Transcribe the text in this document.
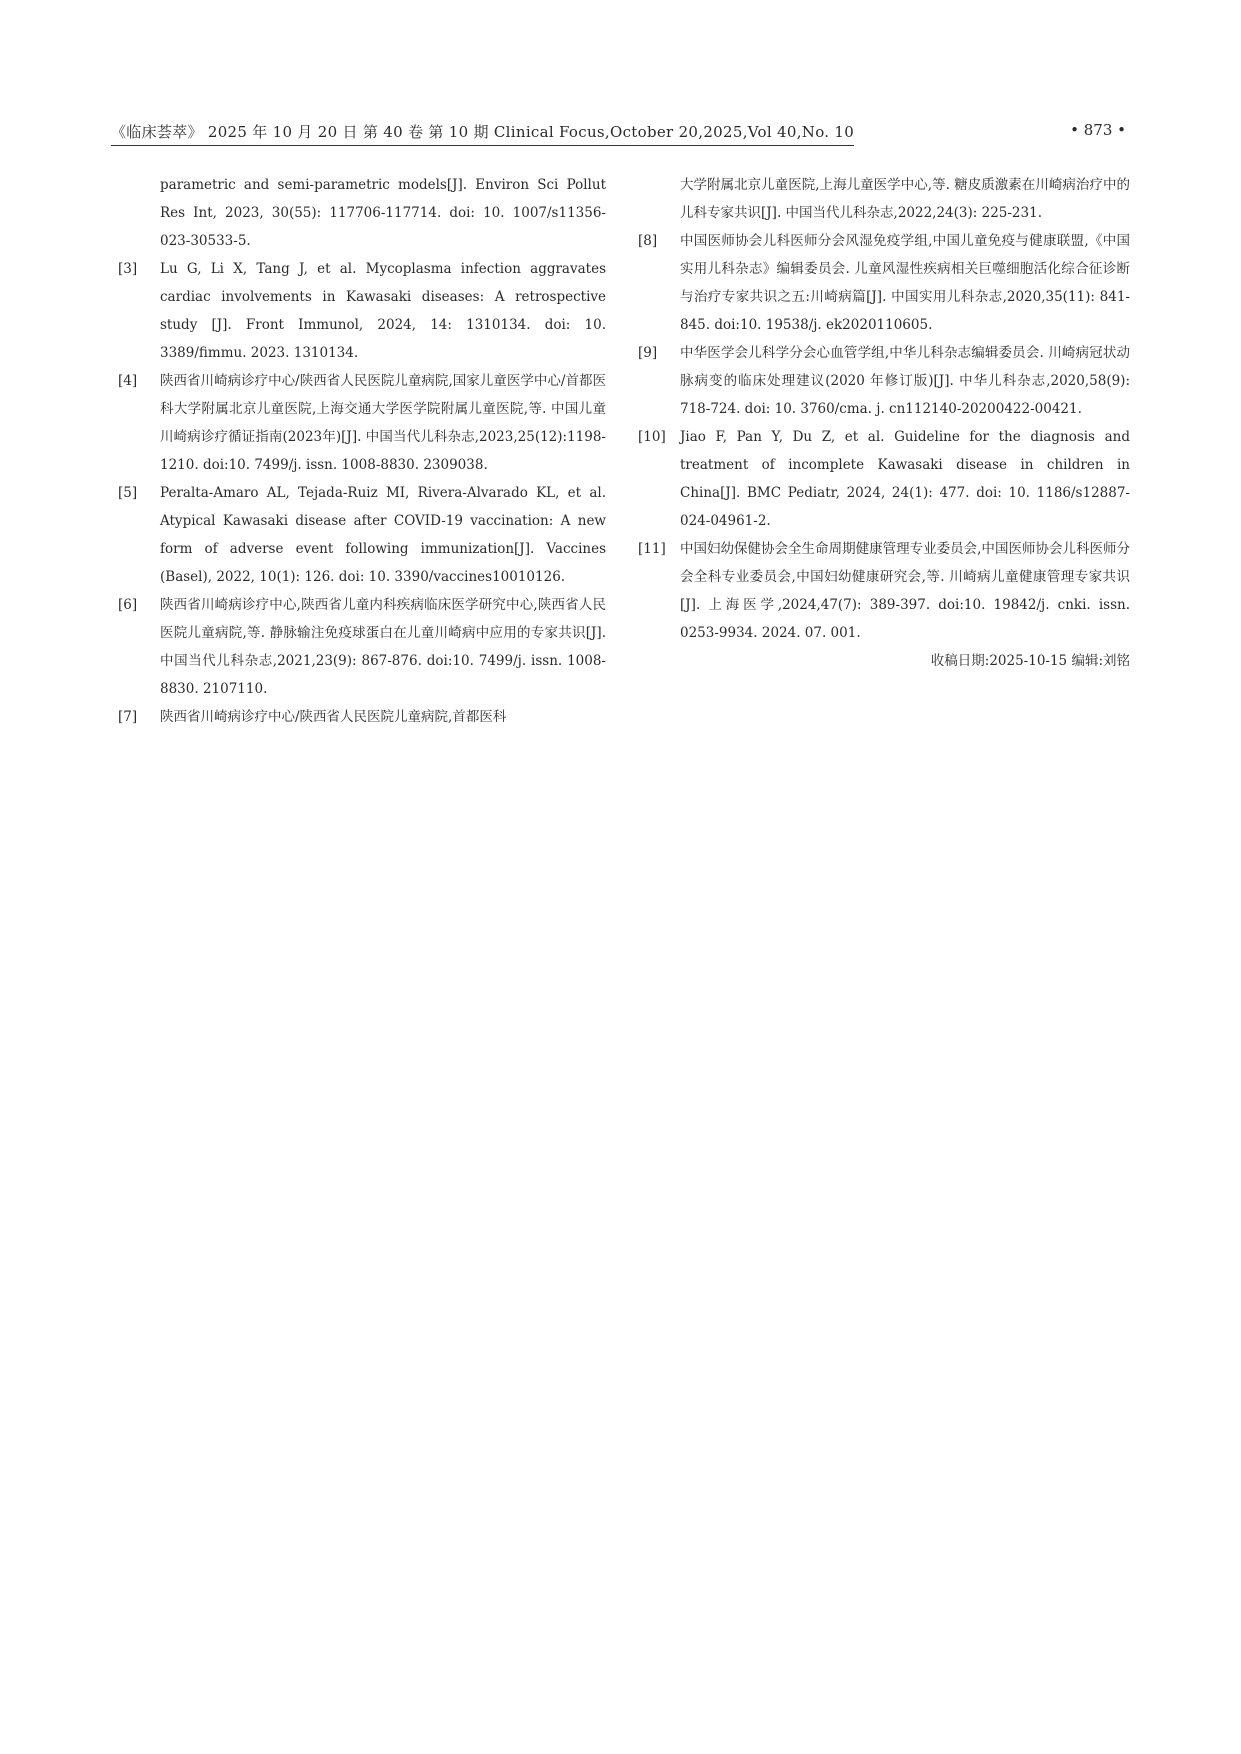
《临床荟萃》 2025 年 10 月 20 日 第 40 卷 第 10 期 Clinical Focus,October 20,2025,Vol 40,No. 10	• 873 •

parametric and semi-parametric models[J]. Environ Sci Pollut Res Int, 2023, 30(55): 117706-117714. doi: 10. 1007/s11356-023-30533-5.

[3]	Lu G, Li X, Tang J, et al. Mycoplasma infection aggravates cardiac involvements in Kawasaki diseases: A retrospective study [J]. Front Immunol, 2024, 14: 1310134. doi: 10. 3389/fimmu. 2023. 1310134.

[4]	陕西省川崎病诊疗中心/陕西省人民医院儿童病院,国家儿童医学中心/首都医科大学附属北京儿童医院,上海交通大学医学院附属儿童医院,等. 中国儿童川崎病诊疗循证指南(2023年)[J]. 中国当代儿科杂志,2023,25(12):1198-1210. doi:10. 7499/j. issn. 1008-8830. 2309038.

[5]	Peralta-Amaro AL, Tejada-Ruiz MI, Rivera-Alvarado KL, et al. Atypical Kawasaki disease after COVID-19 vaccination: A new form of adverse event following immunization[J]. Vaccines (Basel), 2022, 10(1): 126. doi: 10. 3390/vaccines10010126.

[6]	陕西省川崎病诊疗中心,陕西省儿童内科疾病临床医学研究中心,陕西省人民医院儿童病院,等. 静脉输注免疫球蛋白在儿童川崎病中应用的专家共识[J]. 中国当代儿科杂志,2021,23(9): 867-876. doi:10. 7499/j. issn. 1008-8830. 2107110.

[7]	陕西省川崎病诊疗中心/陕西省人民医院儿童病院,首都医科

大学附属北京儿童医院,上海儿童医学中心,等. 糖皮质激素在川崎病治疗中的儿科专家共识[J]. 中国当代儿科杂志,2022,24(3): 225-231.

[8]	中国医师协会儿科医师分会风湿免疫学组,中国儿童免疫与健康联盟,《中国实用儿科杂志》编辑委员会. 儿童风湿性疾病相关巨噬细胞活化综合征诊断与治疗专家共识之五:川崎病篇[J]. 中国实用儿科杂志,2020,35(11): 841-845. doi:10. 19538/j. ek2020110605.

[9]	中华医学会儿科学分会心血管学组,中华儿科杂志编辑委员会. 川崎病冠状动脉病变的临床处理建议(2020 年修订版)[J]. 中华儿科杂志,2020,58(9): 718-724. doi: 10. 3760/cma. j. cn112140-20200422-00421.

[10]	Jiao F, Pan Y, Du Z, et al. Guideline for the diagnosis and treatment of incomplete Kawasaki disease in children in China[J]. BMC Pediatr, 2024, 24(1): 477. doi: 10. 1186/s12887-024-04961-2.

[11]	中国妇幼保健协会全生命周期健康管理专业委员会,中国医师协会儿科医师分会全科专业委员会,中国妇幼健康研究会,等. 川崎病儿童健康管理专家共识[J]. 上海医学,2024,47(7): 389-397. doi:10. 19842/j. cnki. issn. 0253-9934. 2024. 07. 001.

收稿日期:2025-10-15 编辑:刘铭
